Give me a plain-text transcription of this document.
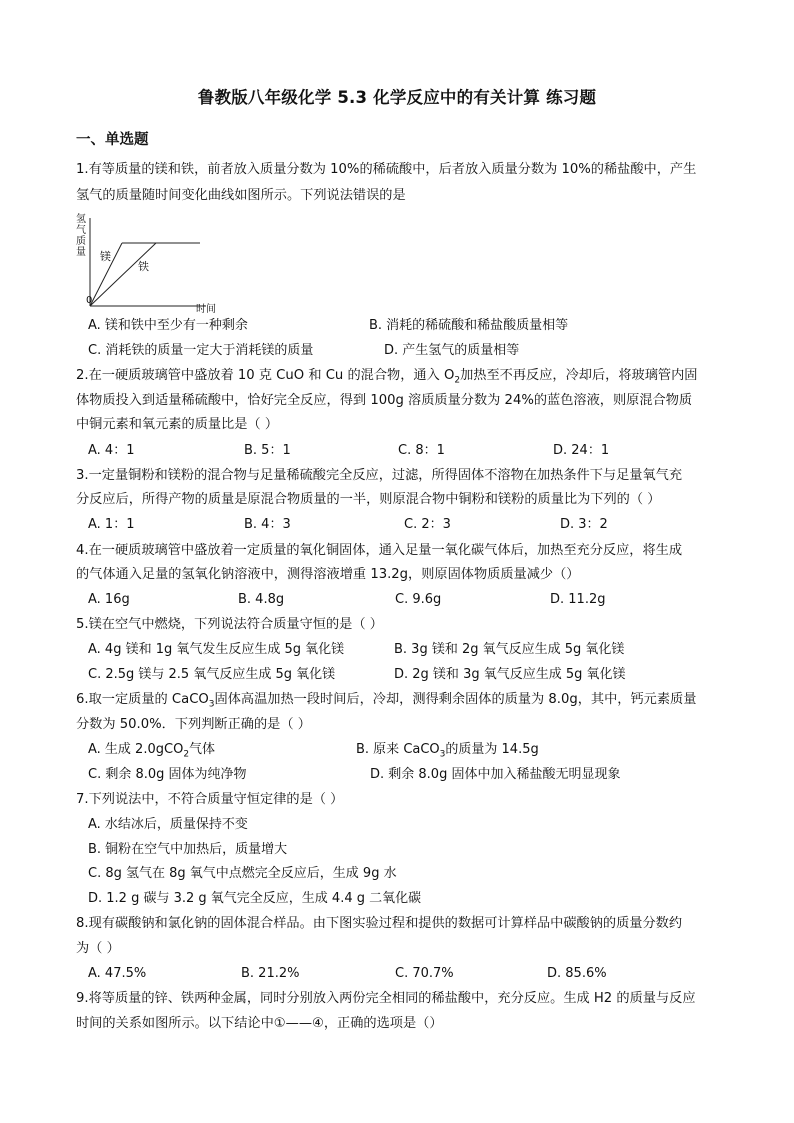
鲁教版八年级化学 5.3 化学反应中的有关计算 练习题
一、单选题
1.有等质量的镁和铁，前者放入质量分数为 10%的稀硫酸中，后者放入质量分数为 10%的稀盐酸中，产生
氢气的质量随时间变化曲线如图所示。下列说法错误的是
氢气质量
0
时间
镁
铁
A. 镁和铁中至少有一种剩余	B. 消耗的稀硫酸和稀盐酸质量相等
C. 消耗铁的质量一定大于消耗镁的质量	D. 产生氢气的质量相等
2.在一硬质玻璃管中盛放着 10 克 CuO 和 Cu 的混合物，通入 $O_2$加热至不再反应，冷却后，将玻璃管内固
体物质投入到适量稀硫酸中，恰好完全反应，得到 100g 溶质质量分数为 24%的蓝色溶液，则原混合物质
中铜元素和氧元素的质量比是（ ）
A. 4：1	B. 5：1	C. 8：1	D. 24：1
3.一定量铜粉和镁粉的混合物与足量稀硫酸完全反应，过滤，所得固体不溶物在加热条件下与足量氧气充
分反应后，所得产物的质量是原混合物质量的一半，则原混合物中铜粉和镁粉的质量比为下列的（ ）
A. 1：1	B. 4：3	C. 2：3	D. 3：2
4.在一硬质玻璃管中盛放着一定质量的氧化铜固体，通入足量一氧化碳气体后，加热至充分反应，将生成
的气体通入足量的氢氧化钠溶液中，测得溶液增重 13.2g，则原固体物质质量减少（）
A. 16g	B. 4.8g	C. 9.6g	D. 11.2g
5.镁在空气中燃烧，下列说法符合质量守恒的是（ ）
A. 4g 镁和 1g 氧气发生反应生成 5g 氧化镁	B. 3g 镁和 2g 氧气反应生成 5g 氧化镁
C. 2.5g 镁与 2.5 氧气反应生成 5g 氧化镁	D. 2g 镁和 3g 氧气反应生成 5g 氧化镁
6.取一定质量的 CaCO$_3$固体高温加热一段时间后，冷却，测得剩余固体的质量为 8.0g，其中，钙元素质量
分数为 50.0%．下列判断正确的是（ ）
A. 生成 2.0gCO$_2$气体	B. 原来 CaCO$_3$的质量为 14.5g
C. 剩余 8.0g 固体为纯净物	D. 剩余 8.0g 固体中加入稀盐酸无明显现象
7.下列说法中，不符合质量守恒定律的是（ ）
A. 水结冰后，质量保持不变
B. 铜粉在空气中加热后，质量增大
C. 8g 氢气在 8g 氧气中点燃完全反应后，生成 9g 水
D. 1.2 g 碳与 3.2 g 氧气完全反应，生成 4.4 g 二氧化碳
8.现有碳酸钠和氯化钠的固体混合样品。由下图实验过程和提供的数据可计算样品中碳酸钠的质量分数约
为（ ）
A. 47.5%	B. 21.2%	C. 70.7%	D. 85.6%
9.将等质量的锌、铁两种金属，同时分别放入两份完全相同的稀盐酸中，充分反应。生成 H2 的质量与反应
时间的关系如图所示。以下结论中①——④，正确的选项是（）
